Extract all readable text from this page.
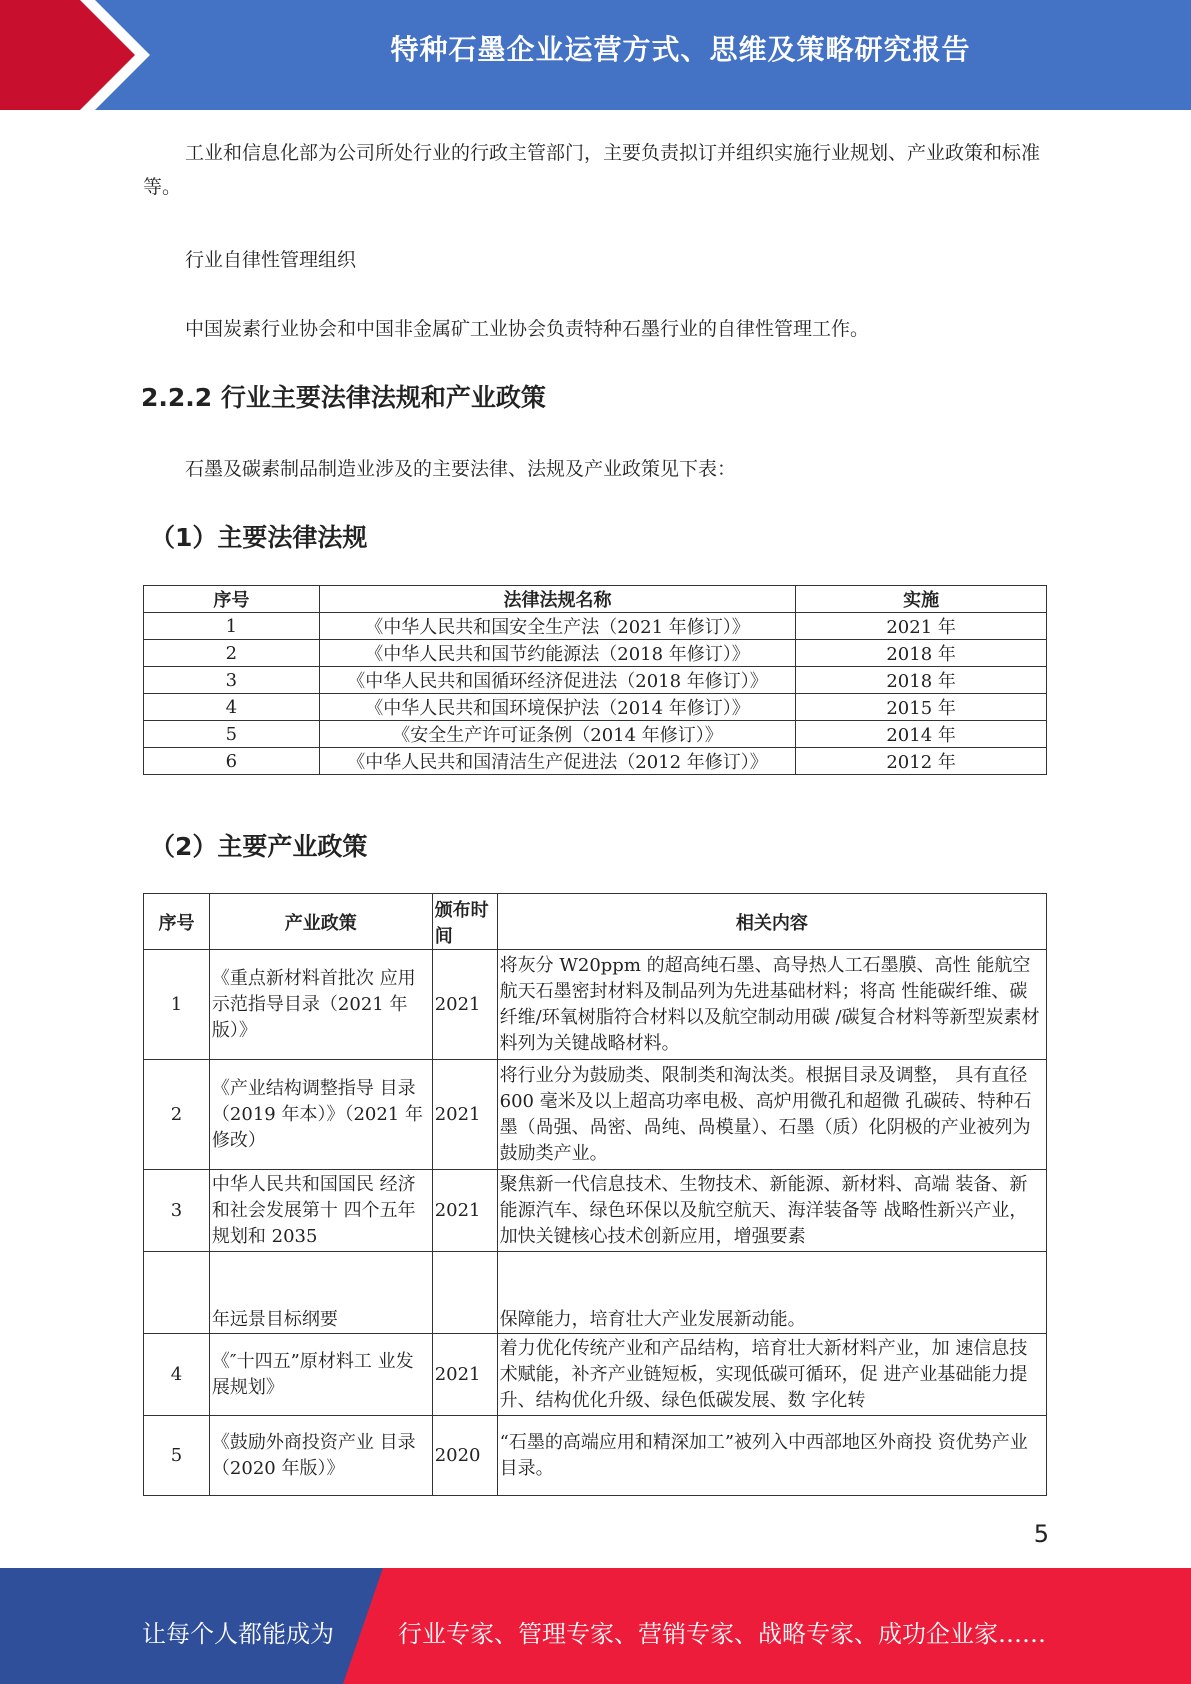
特种石墨企业运营方式、思维及策略研究报告
工业和信息化部为公司所处行业的行政主管部门，主要负责拟订并组织实施行业规划、产业政策和标准等。
行业自律性管理组织
中国炭素行业协会和中国非金属矿工业协会负责特种石墨行业的自律性管理工作。
2.2.2 行业主要法律法规和产业政策
石墨及碳素制品制造业涉及的主要法律、法规及产业政策见下表：
（1）主要法律法规
序号	法律法规名称	实施
1	《中华人民共和国安全生产法（2021 年修订）》	2021 年
2	《中华人民共和国节约能源法（2018 年修订）》	2018 年
3	《中华人民共和国循环经济促进法（2018 年修订）》	2018 年
4	《中华人民共和国环境保护法（2014 年修订）》	2015 年
5	《安全生产许可证条例（2014 年修订）》	2014 年
6	《中华人民共和国清洁生产促进法（2012 年修订）》	2012 年
（2）主要产业政策
序号	产业政策	颁布时间	相关内容
1	《重点新材料首批次 应用示范指导目录（2021 年版）》	2021	将灰分 W20ppm 的超高纯石墨、高导热人工石墨膜、高性 能航空航天石墨密封材料及制品列为先进基础材料；将高 性能碳纤维、碳纤维/环氧树脂符合材料以及航空制动用碳 /碳复合材料等新型炭素材料列为关键战略材料。
2	《产业结构调整指导 目录（2019 年本）》（2021 年修改）	2021	将行业分为鼓励类、限制类和淘汰类。根据目录及调整， 具有直径 600 毫米及以上超高功率电极、高炉用微孔和超微 孔碳砖、特种石墨（咼强、咼密、咼纯、咼模量）、石墨（质）化阴极的产业被列为鼓励类产业。
3	中华人民共和国国民 经济和社会发展第十 四个五年规划和 2035	2021	聚焦新一代信息技术、生物技术、新能源、新材料、高端 装备、新能源汽车、绿色环保以及航空航天、海洋装备等 战略性新兴产业，加快关键核心技术创新应用，增强要素
	年远景目标纲要		保障能力，培育壮大产业发展新动能。
4	《″十四五”原材料工 业发展规划》	2021	着力优化传统产业和产品结构，培育壮大新材料产业，加 速信息技术赋能，补齐产业链短板，实现低碳可循环，促 进产业基础能力提升、结构优化升级、绿色低碳发展、数 字化转
5	《鼓励外商投资产业 目录（2020 年版）》	2020	“石墨的高端应用和精深加工”被列入中西部地区外商投 资优势产业目录。
5
让每个人都能成为	行业专家、管理专家、营销专家、战略专家、成功企业家……
